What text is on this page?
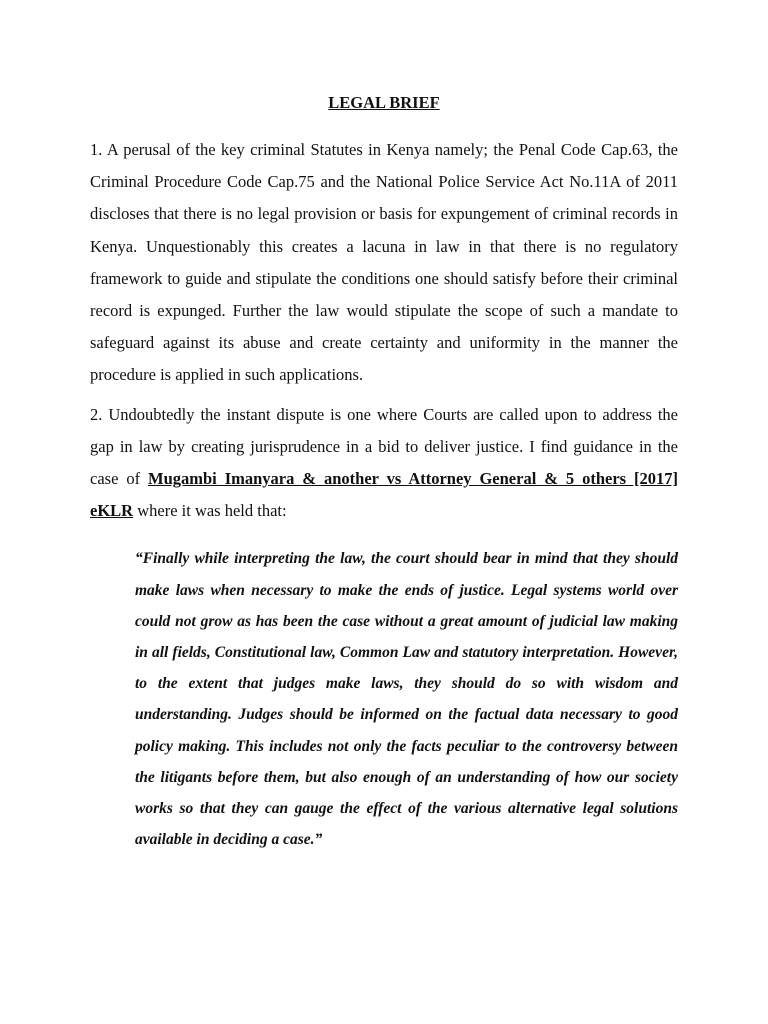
LEGAL BRIEF

1. A perusal of the key criminal Statutes in Kenya namely; the Penal Code Cap.63, the Criminal Procedure Code Cap.75 and the National Police Service Act No.11A of 2011 discloses that there is no legal provision or basis for expungement of criminal records in Kenya. Unquestionably this creates a lacuna in law in that there is no regulatory framework to guide and stipulate the conditions one should satisfy before their criminal record is expunged. Further the law would stipulate the scope of such a mandate to safeguard against its abuse and create certainty and uniformity in the manner the procedure is applied in such applications.

2. Undoubtedly the instant dispute is one where Courts are called upon to address the gap in law by creating jurisprudence in a bid to deliver justice. I find guidance in the case of Mugambi Imanyara & another vs Attorney General & 5 others [2017] eKLR where it was held that:

“Finally while interpreting the law, the court should bear in mind that they should make laws when necessary to make the ends of justice. Legal systems world over could not grow as has been the case without a great amount of judicial law making in all fields, Constitutional law, Common Law and statutory interpretation. However, to the extent that judges make laws, they should do so with wisdom and understanding. Judges should be informed on the factual data necessary to good policy making. This includes not only the facts peculiar to the controversy between the litigants before them, but also enough of an understanding of how our society works so that they can gauge the effect of the various alternative legal solutions available in deciding a case.”
